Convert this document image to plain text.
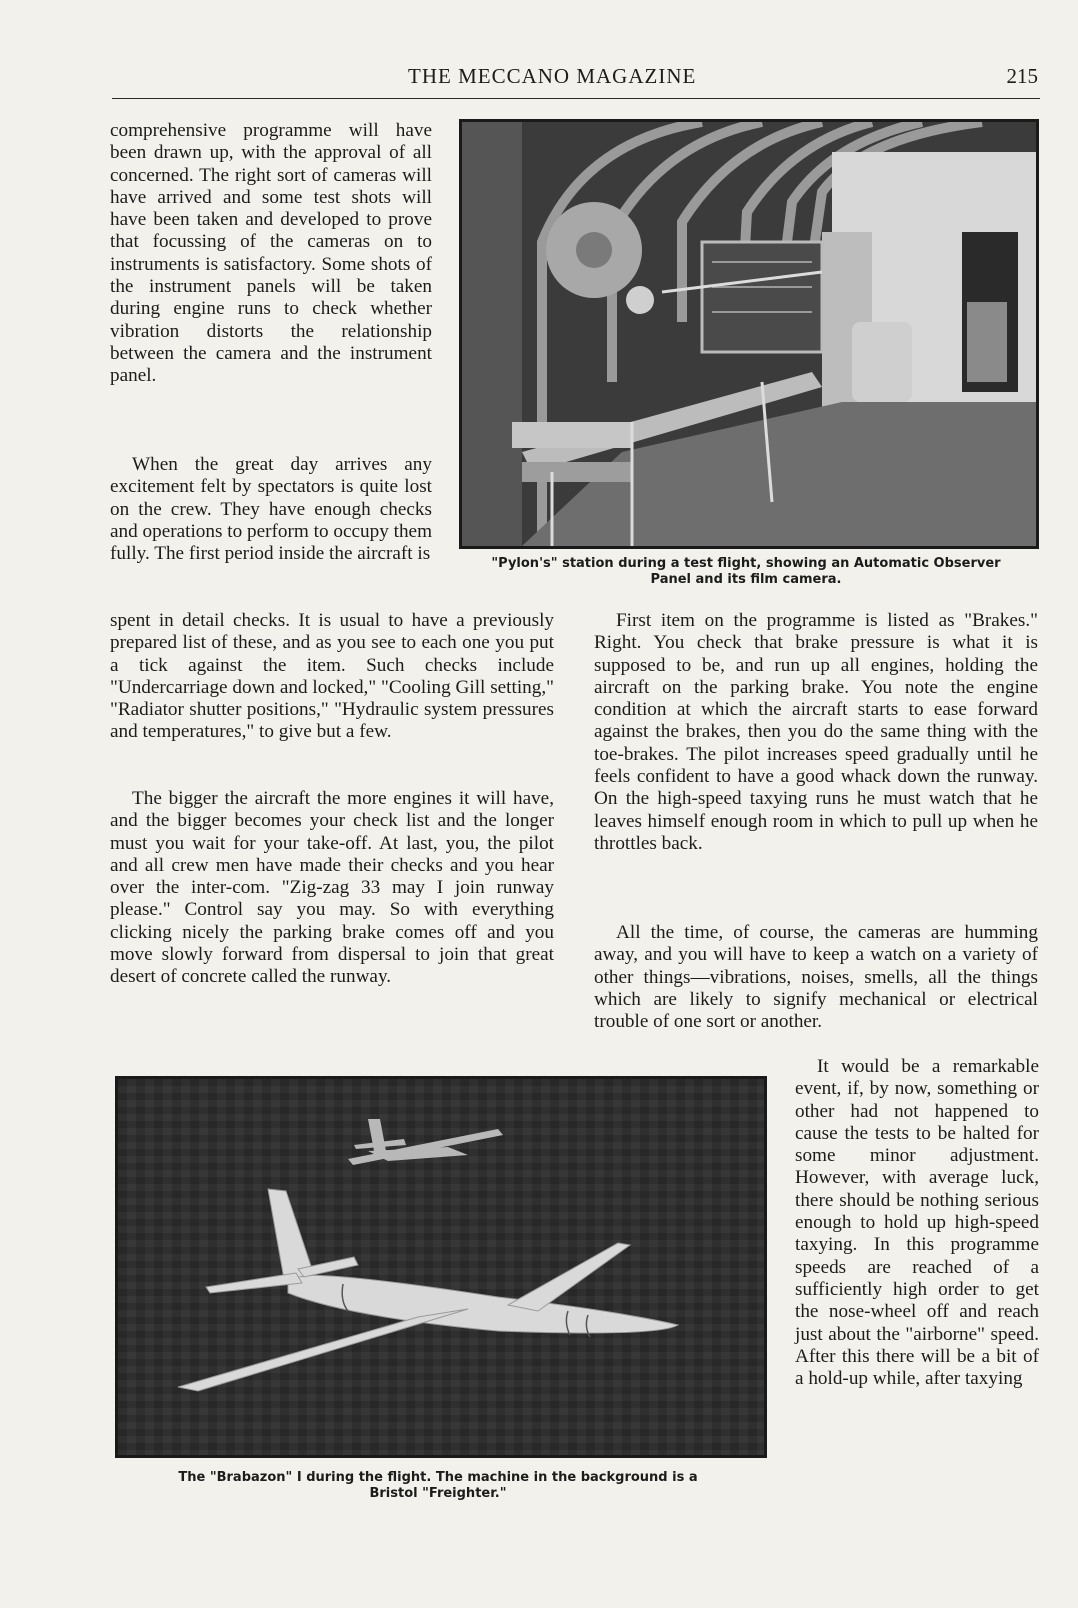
THE MECCANO MAGAZINE	215

"Pylon's" station during a test flight, showing an Automatic Observer
Panel and its film camera.

comprehensive programme will have been drawn up, with the approval of all concerned. The right sort of cameras will have arrived and some test shots will have been taken and developed to prove that focussing of the cameras on to instruments is satisfactory. Some shots of the instrument panels will be taken during engine runs to check whether vibration distorts the relationship between the camera and the instrument panel.

When the great day arrives any excitement felt by spectators is quite lost on the crew. They have enough checks and operations to perform to occupy them fully. The first period inside the aircraft is

spent in detail checks. It is usual to have a previously prepared list of these, and as you see to each one you put a tick against the item. Such checks include "Undercarriage down and locked," "Cooling Gill setting," "Radiator shutter positions," "Hydraulic system pressures and temperatures," to give but a few.

The bigger the aircraft the more engines it will have, and the bigger becomes your check list and the longer must you wait for your take-off. At last, you, the pilot and all crew men have made their checks and you hear over the inter-com. "Zig-zag 33 may I join runway please." Control say you may. So with everything clicking nicely the parking brake comes off and you move slowly forward from dispersal to join that great desert of concrete called the runway.

First item on the programme is listed as "Brakes." Right. You check that brake pressure is what it is supposed to be, and run up all engines, holding the aircraft on the parking brake. You note the engine condition at which the aircraft starts to ease forward against the brakes, then you do the same thing with the toe-brakes. The pilot increases speed gradually until he feels confident to have a good whack down the runway. On the high-speed taxying runs he must watch that he leaves himself enough room in which to pull up when he throttles back.

All the time, of course, the cameras are humming away, and you will have to keep a watch on a variety of other things—vibrations, noises, smells, all the things which are likely to signify mechanical or electrical trouble of one sort or another.

It would be a remarkable event, if, by now, something or other had not happened to cause the tests to be halted for some minor adjustment. However, with average luck, there should be nothing serious enough to hold up high-speed taxying. In this programme speeds are reached of a sufficiently high order to get the nose-wheel off and reach just about the "airborne" speed. After this there will be a bit of a hold-up while, after taxying

The "Brabazon" I during the flight. The machine in the background is a
Bristol "Freighter."
